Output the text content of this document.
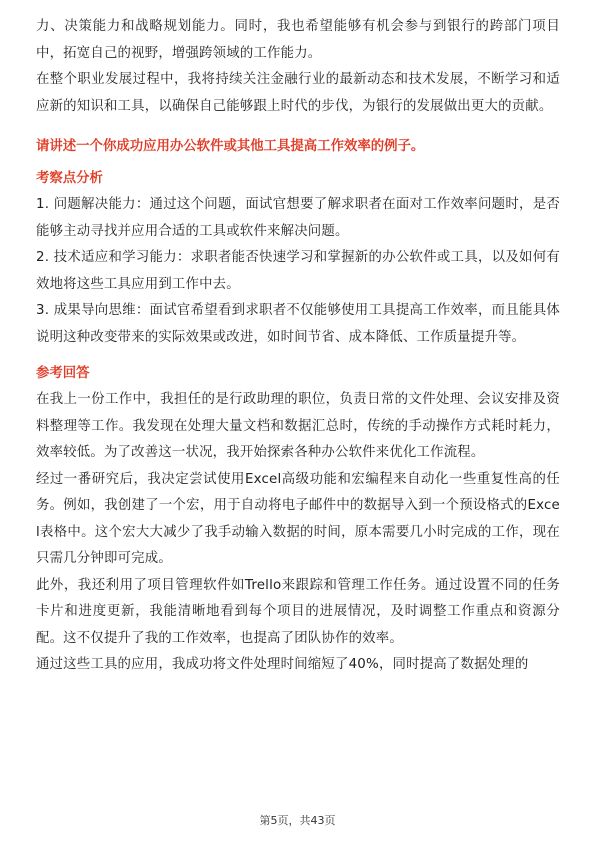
力、决策能力和战略规划能力。同时，我也希望能够有机会参与到银行的跨部门项目中，拓宽自己的视野，增强跨领域的工作能力。

在整个职业发展过程中，我将持续关注金融行业的最新动态和技术发展，不断学习和适应新的知识和工具，以确保自己能够跟上时代的步伐，为银行的发展做出更大的贡献。

请讲述一个你成功应用办公软件或其他工具提高工作效率的例子。

考察点分析

1. 问题解决能力：通过这个问题，面试官想要了解求职者在面对工作效率问题时，是否能够主动寻找并应用合适的工具或软件来解决问题。

2. 技术适应和学习能力：求职者能否快速学习和掌握新的办公软件或工具，以及如何有效地将这些工具应用到工作中去。

3. 成果导向思维：面试官希望看到求职者不仅能够使用工具提高工作效率，而且能具体说明这种改变带来的实际效果或改进，如时间节省、成本降低、工作质量提升等。

参考回答

在我上一份工作中，我担任的是行政助理的职位，负责日常的文件处理、会议安排及资料整理等工作。我发现在处理大量文档和数据汇总时，传统的手动操作方式耗时耗力，效率较低。为了改善这一状况，我开始探索各种办公软件来优化工作流程。

经过一番研究后，我决定尝试使用Excel高级功能和宏编程来自动化一些重复性高的任务。例如，我创建了一个宏，用于自动将电子邮件中的数据导入到一个预设格式的Excel表格中。这个宏大大减少了我手动输入数据的时间，原本需要几小时完成的工作，现在只需几分钟即可完成。

此外，我还利用了项目管理软件如Trello来跟踪和管理工作任务。通过设置不同的任务卡片和进度更新，我能清晰地看到每个项目的进展情况，及时调整工作重点和资源分配。这不仅提升了我的工作效率，也提高了团队协作的效率。

通过这些工具的应用，我成功将文件处理时间缩短了40%，同时提高了数据处理的

第5页，共43页
